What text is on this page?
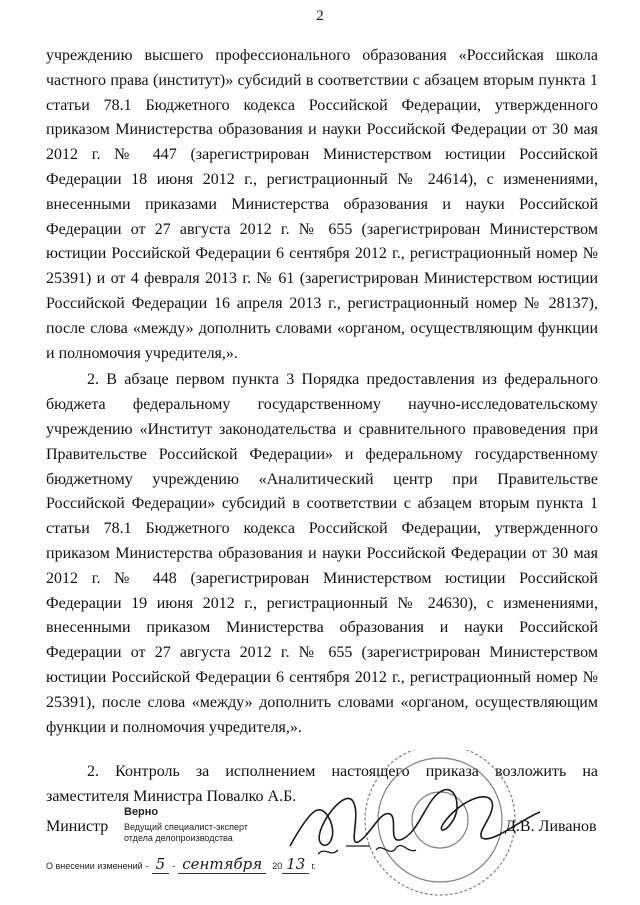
2

учреждению высшего профессионального образования «Российская школа частного права (институт)» субсидий в соответствии с абзацем вторым пункта 1 статьи 78.1 Бюджетного кодекса Российской Федерации, утвержденного приказом Министерства образования и науки Российской Федерации от 30 мая 2012 г. № 447 (зарегистрирован Министерством юстиции Российской Федерации 18 июня 2012 г., регистрационный № 24614), с изменениями, внесенными приказами Министерства образования и науки Российской Федерации от 27 августа 2012 г. № 655 (зарегистрирован Министерством юстиции Российской Федерации 6 сентября 2012 г., регистрационный номер № 25391) и от 4 февраля 2013 г. № 61 (зарегистрирован Министерством юстиции Российской Федерации 16 апреля 2013 г., регистрационный номер № 28137), после слова «между» дополнить словами «органом, осуществляющим функции и полномочия учредителя,».

2. В абзаце первом пункта 3 Порядка предоставления из федерального бюджета федеральному государственному научно-исследовательскому учреждению «Институт законодательства и сравнительного правоведения при Правительстве Российской Федерации» и федеральному государственному бюджетному учреждению «Аналитический центр при Правительстве Российской Федерации» субсидий в соответствии с абзацем вторым пункта 1 статьи 78.1 Бюджетного кодекса Российской Федерации, утвержденного приказом Министерства образования и науки Российской Федерации от 30 мая 2012 г. № 448 (зарегистрирован Министерством юстиции Российской Федерации 19 июня 2012 г., регистрационный № 24630), с изменениями, внесенными приказом Министерства образования и науки Российской Федерации от 27 августа 2012 г. № 655 (зарегистрирован Министерством юстиции Российской Федерации 6 сентября 2012 г., регистрационный номер № 25391), после слова «между» дополнить словами «органом, осуществляющим функции и полномочия учредителя,».

2. Контроль за исполнением настоящего приказа возложить на заместителя Министра Повалко А.Б.

Верно
Ведущий специалист-эксперт
отдела делопроизводства
Министр	Д.В. Ливанов
О внесении изменений - 5 - сентября	20 13 г.
